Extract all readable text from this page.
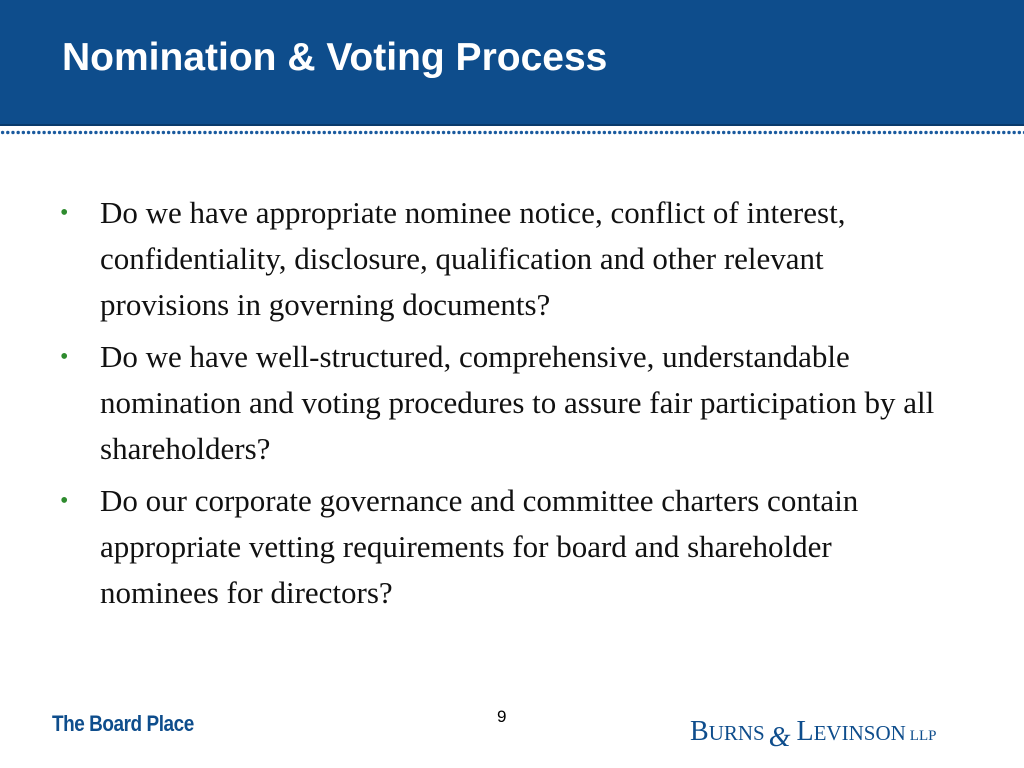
Nomination & Voting Process
• Do we have appropriate nominee notice, conflict of interest, confidentiality, disclosure, qualification and other relevant provisions in governing documents?
• Do we have well-structured, comprehensive, understandable nomination and voting procedures to assure fair participation by all shareholders?
• Do our corporate governance and committee charters contain appropriate vetting requirements for board and shareholder nominees for directors?
The Board Place	9	BURNS & LEVINSON LLP
